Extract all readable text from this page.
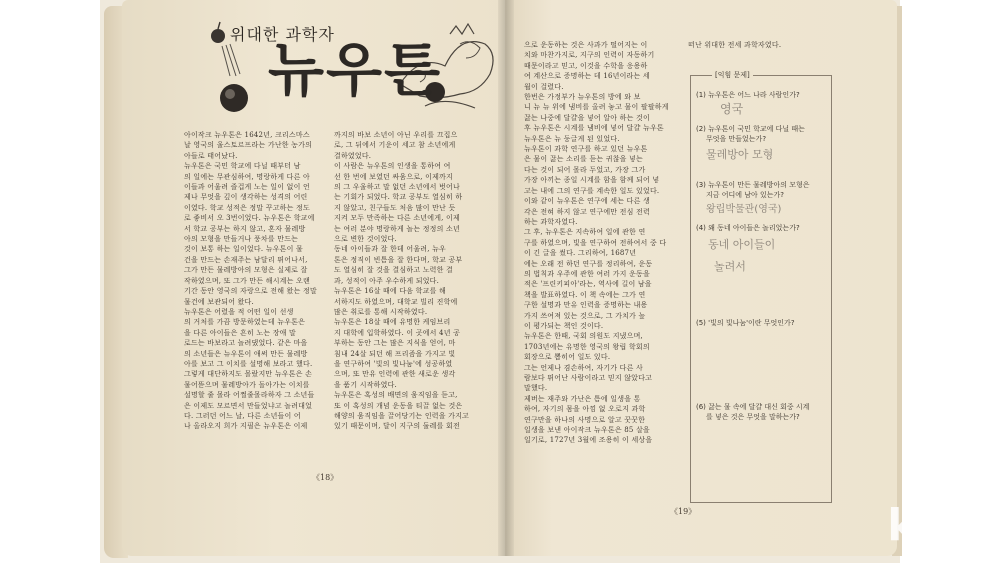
위대한 과학자
뉴우튼
아이작크 뉴우톤은 1642년, 크리스마스
날 영국의 울스토르프라는 가난한 농가의
아들로 태어났다.
뉴우톤은 국민 학교에 다닐 때부터 남
의 일에는 무관심하여, 명랑하게 다른 아
이들과 어울려 즐겁게 노는 일이 없이 언
제나 무엇을 깊이 생각하는 성격의 어린
이였다. 학교 성적은 정말 꾸고하는 정도
로 좋비서 오 3번이었다. 뉴우톤은 학교에
서 학교 공부는 하지 않고, 혼자 물레방
아의 모형을 만들거나 풍차를 만드는
것이 보통 하는 일이었다. 뉴우톤이 물
건을 만드는 손재주는 남달리 뛰어나서,
그가 만든 물레방아의 모형은 실제로 잘
작하였으며, 또 그가 만든 해시계는 오랜
기간 동안 영국의 자랑으로 전해 왔는 정말
물건에 보관되어 왔다.
뉴우톤은 어렸을 적 어떤 일이 선생
의 거처를 가끔 방문하였는데 뉴우톤은
을 다른 아이들은 흔히 노는 장애 말
로드는 바보라고 놀려댔었다. 같은 마을
의 소년들은 뉴우톤이 애써 만든 물레방
아를 보고 그 이치를 설명해 보라고 했다.
그렇게 대단하지도 몰랐지만 뉴우톤은 손
물어뜯으며 물레방아가 돌아가는 이치를
설명할 줄 몰라 어쩔줄몰라하자 그 소년들
은 이제도 모르면서 만들었냐고 놀려대었
다. 그러던 어느 날, 다른 소년들이 어
나 올라오지 희가 지필은 뉴우톤은 이제
까지의 바보 소년이 아닌 우리를 끄집으
로, 그 뒤에서 기운이 세고 참 소년에게
결하였었다.
이 사람은 뉴우톤의 인생을 통하여 여
선 한 번에 보였던 싸움으로, 이제까지
의 그 우울하고 말 없던 소년에서 벗어나
는 기회가 되었다. 학교 공부도 열심히 하
지 않았고, 친구들도 처음 많이 만난 듯
지켜 모두 만족하는 다른 소년에게, 이제
는 여러 분야 명랑하게 놀는 정정의 소년
으로 변한 것이었다.
동네 아이들과 잘 한데 어울려, 뉴우
톤은 정직이 빈틈을 잘 한다며, 학교 공부
도 열심히 잘 것을 결심하고 노력한 결
과, 성적이 아주 우수하게 되었다.
뉴우톤은 16살 때에 다음 학교를 해
서하지도 하였으며, 대학교 빌리 진학에
많은 취로를 통해 시작하였다.
뉴우톤은 18살 때에 유명한 케임브리
지 대학에 입학하였다. 이 곳에서 4년 공
부하는 동안 그는 많은 지식을 얻어, 마
침내 24살 되던 해 프리즘을 가지고 빛
을 연구하여 '빛의 빛나눔'에 성공하였
으며, 또 만유 인력에 관한 새로운 생각
을 품기 시작하였다.
뉴우톤은 혹성의 배면의 움직임을 듣고,
또 이 혹성의 개념 운동을 티끌 없는 것은
해양의 움직임을 끌어당기는 인력을 가지고
있기 때문이며, 달이 지구의 둘레를 회전
《18》
으로 운동하는 것은 사과가 떨어지는 이
치와 마찬가지로, 지구의 인력이 자동하기
때문이라고 믿고, 이것을 수학을 응용하
여 계산으로 증명하는 데 16년이라는 세
월이 걸렸다.
한번은 가정부가 뉴우톤의 방에 와 보
니 뉴 뉴 위에 냄비를 올려 놓고 물이 팔팔하게
끓는 나중에 달걀을 넣어 알아 하는 것이
후 뉴우톤은 시계를 냄비에 넣어 달걀 뉴우톤
뉴우톤은 뉴 둥글게 된 있었다.
뉴우톤이 과학 연구를 하고 있던 뉴우톤
은 물이 끓는 소리를 듣는 귀찮을 넣는
다는 것이 되어 몰라 두었고, 가장 그가
가장 아끼는 종일 시계를 함을 함께 되어 넣
고는 내에 그의 연구를 계속한 일도 있었다.
이와 같이 뉴우톤은 연구에 세는 다른 생
각은 전혀 하지 않고 연구에만 전심 전력
하는 과학자였다.
그 후, 뉴우톤은 지속하여 일에 관한 연
구를 하였으며, 빛을 연구하여 전하여서 중 다
이 긴 글을 썼다. 그리하여, 1687년
에는 오래 전 하던 연구를 정리하여, 운동
의 법칙과 우주에 관한 여러 가지 운동을
적은 '프린키피아'라는, 역사에 길이 남을
책을 발표하였다. 이 책 속에는 그가 연
구한 설명과 만유 인력을 증명하는 내용
가지 쓰여져 있는 것으로, 그 가치가 높
이 평가되는 책인 것이다.
뉴우톤은 한때, 국회 의원도 지냈으며,
1703년에는 유명한 영국의 왕립 학회의
회장으로 뽑히어 일도 있다.
그는 언제나 겸손하여, 자기가 다른 사
람보다 뛰어난 사람이라고 믿지 않았다고
말했다.
제버는 재주와 가난은 틈에 일생을 통
하여, 자기의 몸을 아낌 없 오로지 과학
연구만을 하나의 사명으로 알고 꿋꿋한
일생을 보낸 아이작크 뉴우톤은 85 살을
일기로, 1727년 3월에 조용히 이 세상을
떠난 위대한 전세 과학자였다.
[익힘 문제]
(1) 뉴우톤은 어느 나라 사람인가?
(2) 뉴우톤이 국민 학교에 다닐 때는
무엇을 만들었는가?
(3) 뉴우톤이 만든 물레방아의 모형은
지금 어디에 남아 있는가?
(4) 왜 동네 아이들은 놀리었는가?
(5) '빛의 빛나눔'이란 무엇인가?
(6) 끓는 물 속에 달걀 대신 회중 시계
를 넣은 것은 무엇을 말하는가?
영국
물레방아 모형
왕립박물관(영국)
동네 아이들이
놀려서
《19》	kob
